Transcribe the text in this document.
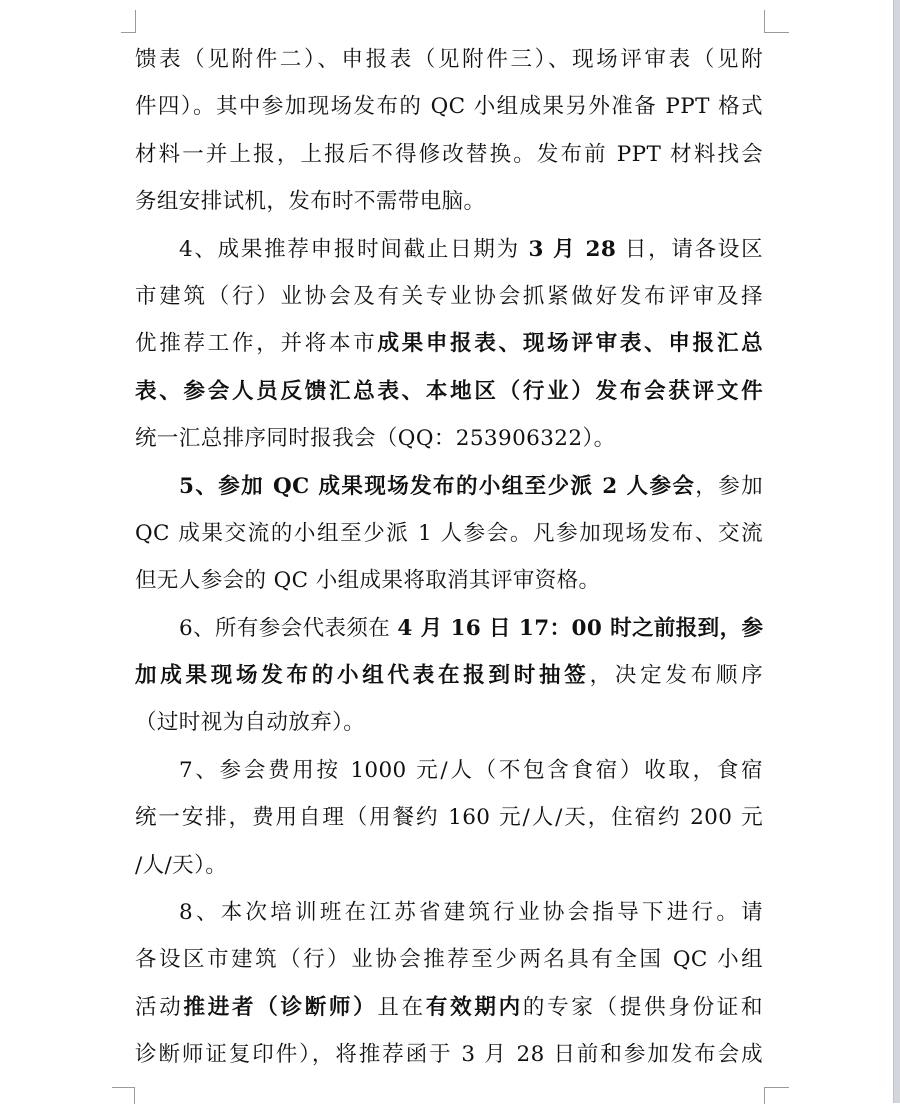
馈表（见附件二）、申报表（见附件三）、现场评审表（见附
件四）。其中参加现场发布的 QC 小组成果另外准备 PPT 格式
材料一并上报，上报后不得修改替换。发布前 PPT 材料找会
务组安排试机，发布时不需带电脑。
4、成果推荐申报时间截止日期为 3 月 28 日，请各设区
市建筑（行）业协会及有关专业协会抓紧做好发布评审及择
优推荐工作，并将本市成果申报表、现场评审表、申报汇总
表、参会人员反馈汇总表、本地区（行业）发布会获评文件
统一汇总排序同时报我会（QQ：253906322）。
5、参加 QC 成果现场发布的小组至少派 2 人参会，参加
QC 成果交流的小组至少派 1 人参会。凡参加现场发布、交流
但无人参会的 QC 小组成果将取消其评审资格。
6、所有参会代表须在 4 月 16 日 17：00 时之前报到，参
加成果现场发布的小组代表在报到时抽签，决定发布顺序
（过时视为自动放弃）。
7、参会费用按 1000 元/人（不包含食宿）收取，食宿
统一安排，费用自理（用餐约 160 元/人/天，住宿约 200 元
/人/天）。
8、本次培训班在江苏省建筑行业协会指导下进行。请
各设区市建筑（行）业协会推荐至少两名具有全国 QC 小组
活动推进者（诊断师）且在有效期内的专家（提供身份证和
诊断师证复印件），将推荐函于 3 月 28 日前和参加发布会成
